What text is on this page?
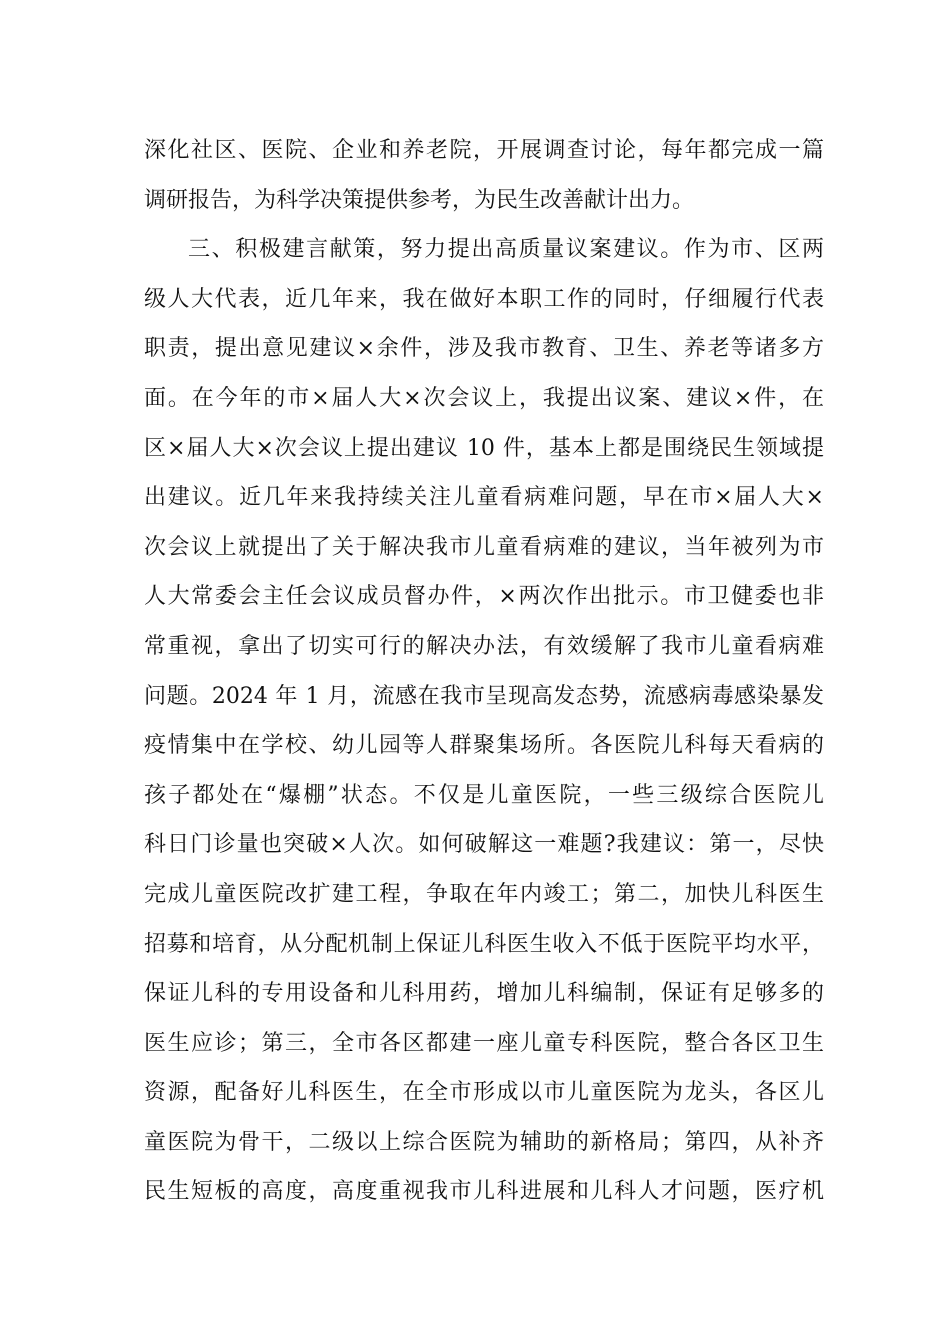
深化社区、医院、企业和养老院，开展调查讨论，每年都完成一篇
调研报告，为科学决策提供参考，为民生改善献计出力。
三、积极建言献策，努力提出高质量议案建议。作为市、区两
级人大代表，近几年来，我在做好本职工作的同时，仔细履行代表
职责，提出意见建议×余件，涉及我市教育、卫生、养老等诸多方
面。在今年的市×届人大×次会议上，我提出议案、建议×件，在
区×届人大×次会议上提出建议 10 件，基本上都是围绕民生领域提
出建议。近几年来我持续关注儿童看病难问题，早在市×届人大×
次会议上就提出了关于解决我市儿童看病难的建议，当年被列为市
人大常委会主任会议成员督办件，×两次作出批示。市卫健委也非
常重视，拿出了切实可行的解决办法，有效缓解了我市儿童看病难
问题。2024 年 1 月，流感在我市呈现高发态势，流感病毒感染暴发
疫情集中在学校、幼儿园等人群聚集场所。各医院儿科每天看病的
孩子都处在“爆棚”状态。不仅是儿童医院，一些三级综合医院儿
科日门诊量也突破×人次。如何破解这一难题?我建议：第一，尽快
完成儿童医院改扩建工程，争取在年内竣工；第二，加快儿科医生
招募和培育，从分配机制上保证儿科医生收入不低于医院平均水平，
保证儿科的专用设备和儿科用药，增加儿科编制，保证有足够多的
医生应诊；第三，全市各区都建一座儿童专科医院，整合各区卫生
资源，配备好儿科医生，在全市形成以市儿童医院为龙头，各区儿
童医院为骨干，二级以上综合医院为辅助的新格局；第四，从补齐
民生短板的高度，高度重视我市儿科进展和儿科人才问题，医疗机
